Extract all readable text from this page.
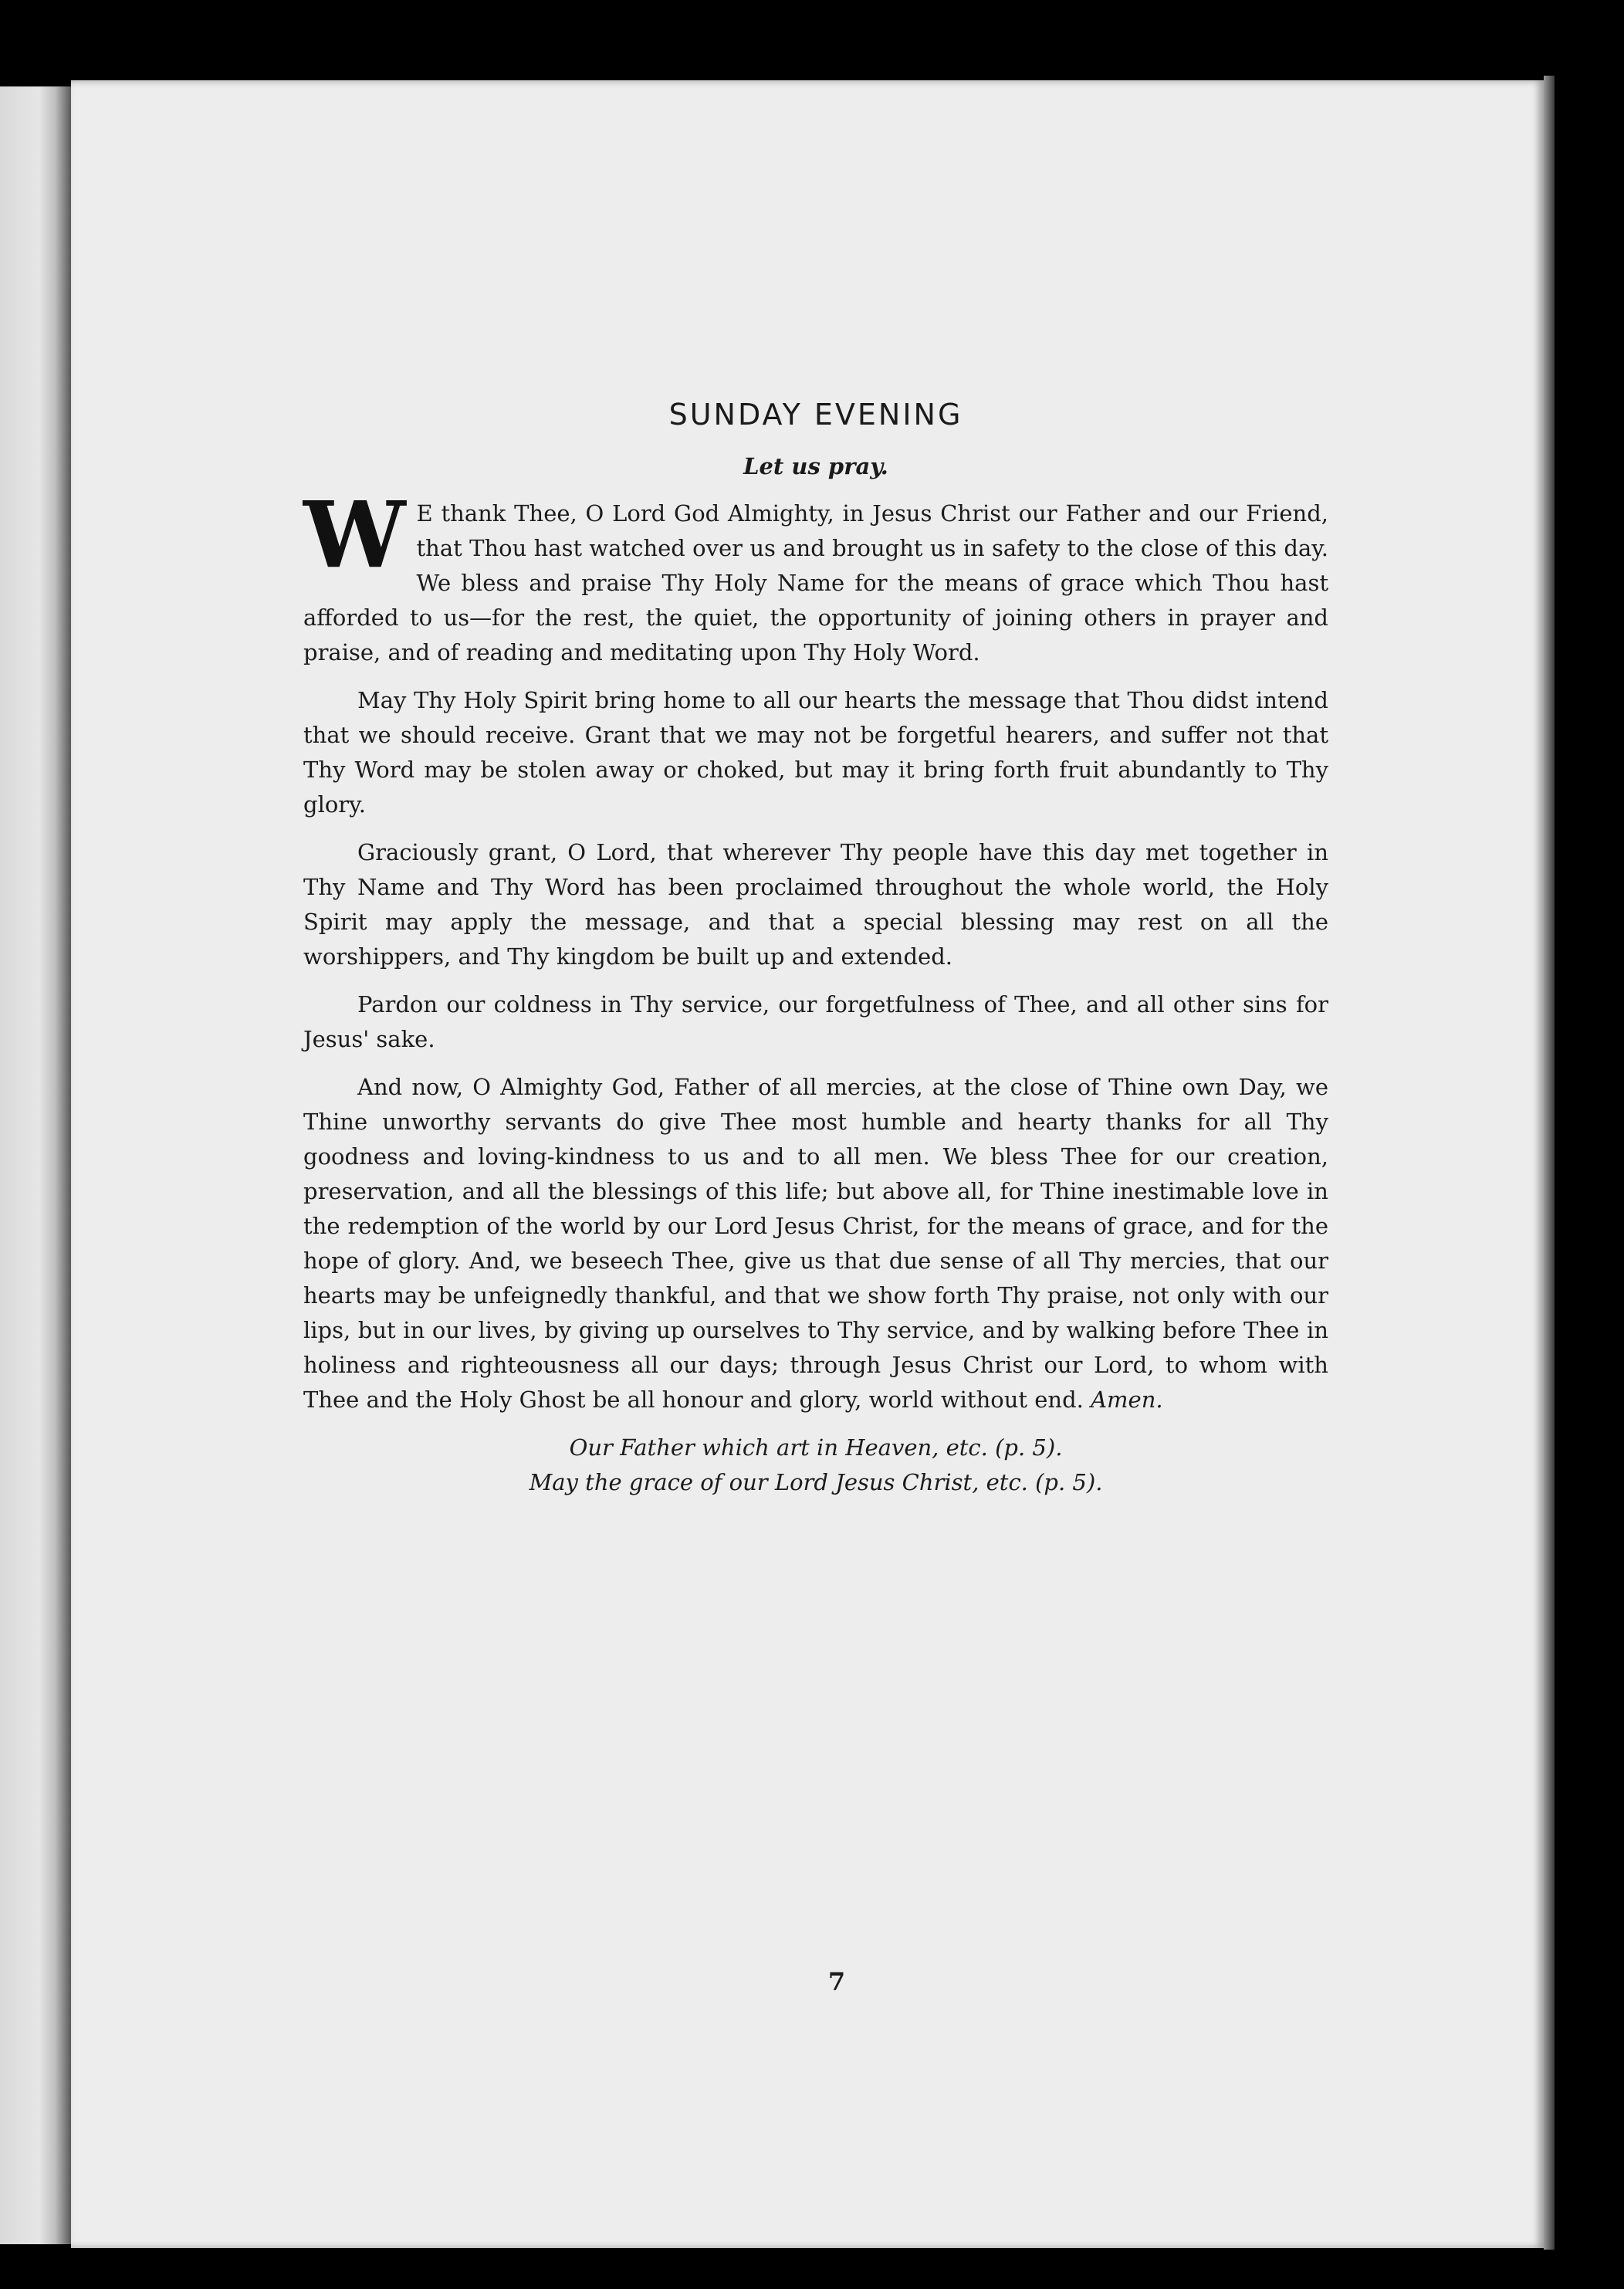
SUNDAY EVENING

Let us pray.

W E thank Thee, O Lord God Almighty, in Jesus Christ our Father and our Friend, that Thou hast watched over us and brought us in safety to the close of this day. We bless and praise Thy Holy Name for the means of grace which Thou hast afforded to us—for the rest, the quiet, the opportunity of joining others in prayer and praise, and of reading and meditating upon Thy Holy Word.

May Thy Holy Spirit bring home to all our hearts the message that Thou didst intend that we should receive. Grant that we may not be forgetful hearers, and suffer not that Thy Word may be stolen away or choked, but may it bring forth fruit abundantly to Thy glory.

Graciously grant, O Lord, that wherever Thy people have this day met together in Thy Name and Thy Word has been proclaimed throughout the whole world, the Holy Spirit may apply the message, and that a special blessing may rest on all the worshippers, and Thy kingdom be built up and extended.

Pardon our coldness in Thy service, our forgetfulness of Thee, and all other sins for Jesus' sake.

And now, O Almighty God, Father of all mercies, at the close of Thine own Day, we Thine unworthy servants do give Thee most humble and hearty thanks for all Thy goodness and loving-kindness to us and to all men. We bless Thee for our creation, preservation, and all the blessings of this life; but above all, for Thine inestimable love in the redemption of the world by our Lord Jesus Christ, for the means of grace, and for the hope of glory. And, we beseech Thee, give us that due sense of all Thy mercies, that our hearts may be unfeignedly thankful, and that we show forth Thy praise, not only with our lips, but in our lives, by giving up ourselves to Thy service, and by walking before Thee in holiness and righteousness all our days; through Jesus Christ our Lord, to whom with Thee and the Holy Ghost be all honour and glory, world without end. Amen.

Our Father which art in Heaven, etc. (p. 5).

May the grace of our Lord Jesus Christ, etc. (p. 5).

7
